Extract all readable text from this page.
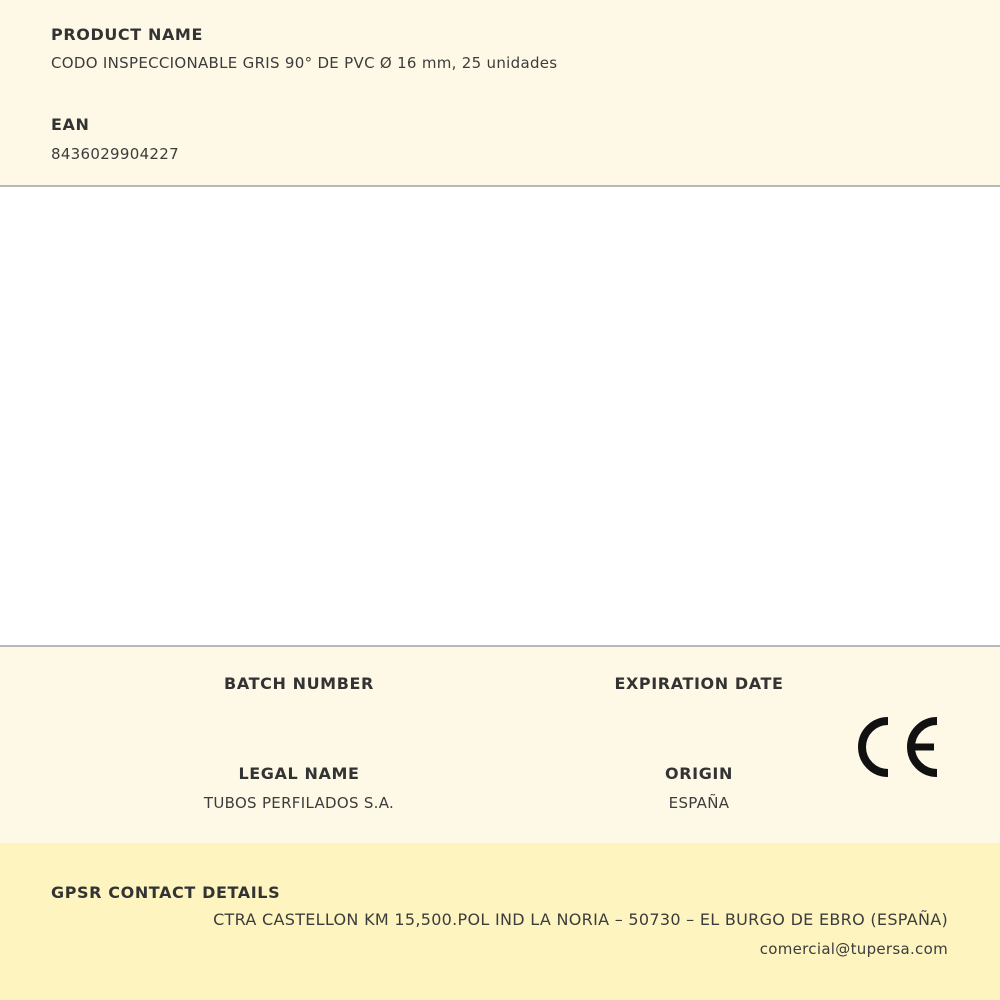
PRODUCT NAME
CODO INSPECCIONABLE GRIS 90° DE PVC Ø 16 mm, 25 unidades
EAN
8436029904227
BATCH NUMBER	EXPIRATION DATE
LEGAL NAME
TUBOS PERFILADOS S.A.
ORIGIN
ESPAÑA
GPSR CONTACT DETAILS
CTRA CASTELLON KM 15,500.POL IND LA NORIA – 50730 – EL BURGO DE EBRO (ESPAÑA)
comercial@tupersa.com
